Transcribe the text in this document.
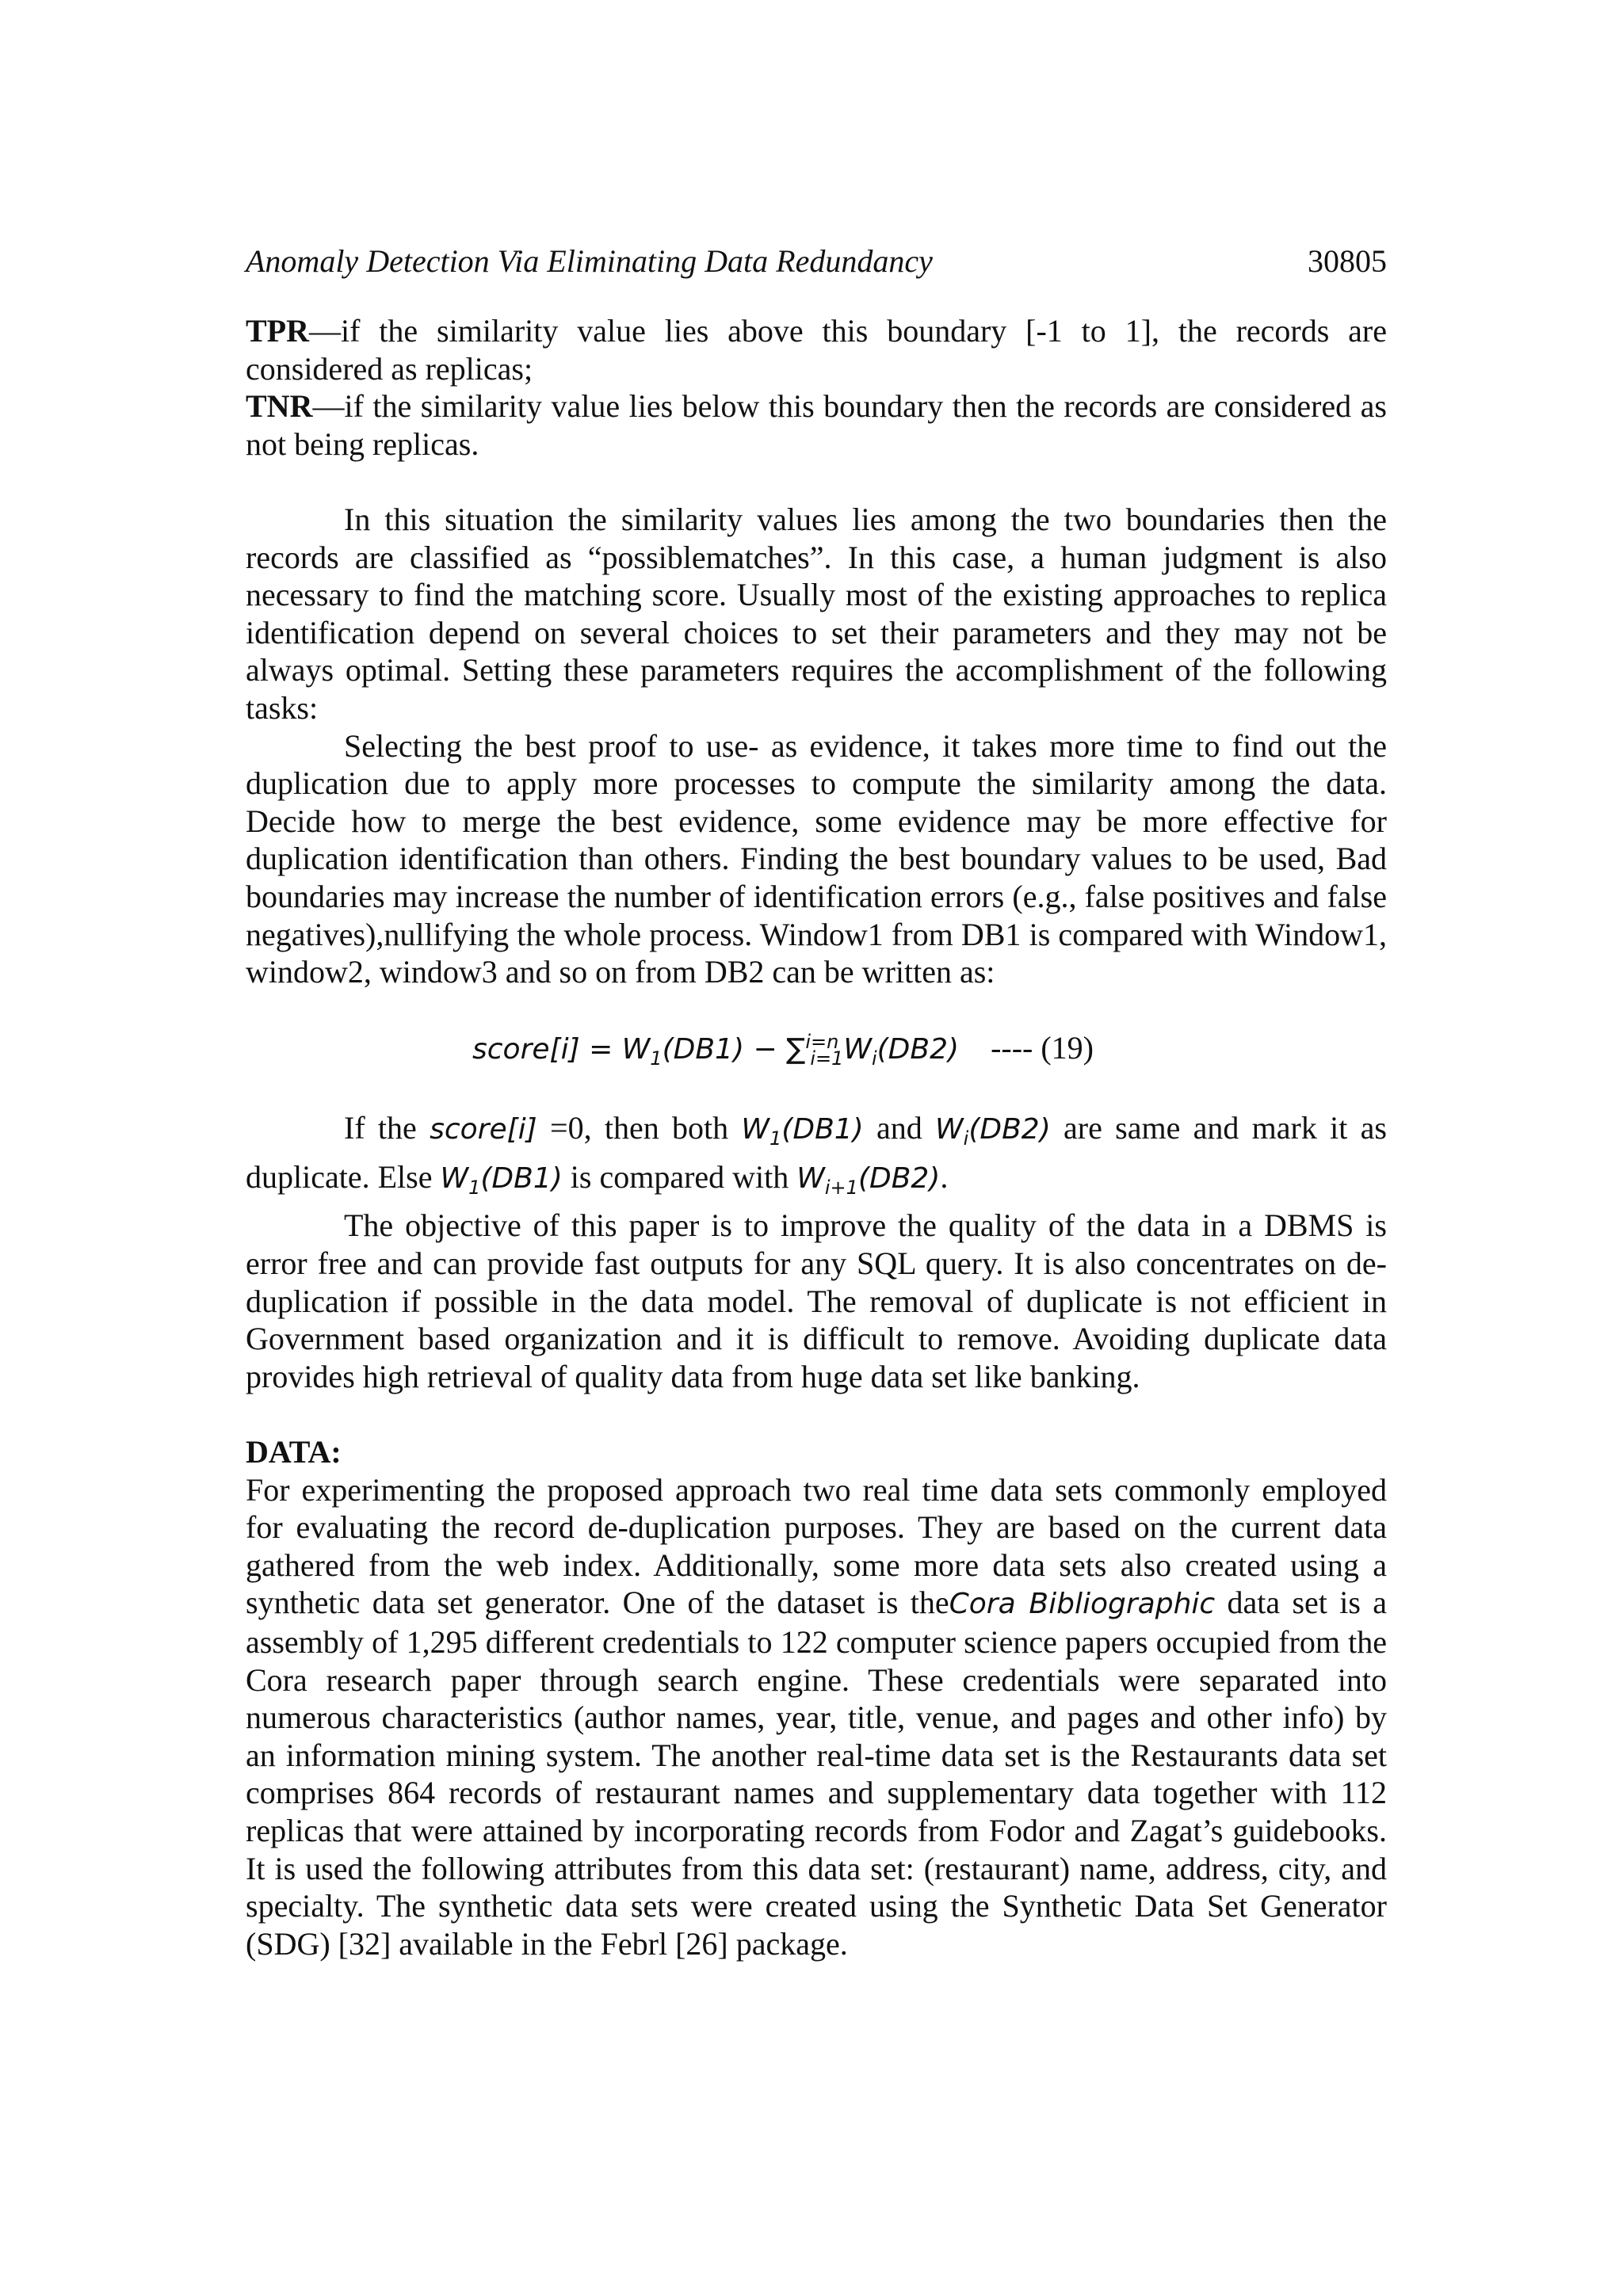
Anomaly Detection Via Eliminating Data Redundancy	30805

TPR—if the similarity value lies above this boundary [-1 to 1], the records are considered as replicas;

TNR—if the similarity value lies below this boundary then the records are considered as not being replicas.

In this situation the similarity values lies among the two boundaries then the records are classified as “possiblematches”. In this case, a human judgment is also necessary to find the matching score. Usually most of the existing approaches to replica identification depend on several choices to set their parameters and they may not be always optimal. Setting these parameters requires the accomplishment of the following tasks:

Selecting the best proof to use- as evidence, it takes more time to find out the duplication due to apply more processes to compute the similarity among the data. Decide how to merge the best evidence, some evidence may be more effective for duplication identification than others. Finding the best boundary values to be used, Bad boundaries may increase the number of identification errors (e.g., false positives and false negatives),nullifying the whole process. Window1 from DB1 is compared with Window1, window2, window3 and so on from DB2 can be written as:

score[i] = $W_1(DB1) - \sum^{i=n}_{i=1}W_i(DB2)$ ---- (19)

If the score[i] =0, then both $W_1(DB1)$ and $W_i(DB2)$ are same and mark it as duplicate. Else $W_1(DB1)$ is compared with $W_{i+1}(DB2)$.

The objective of this paper is to improve the quality of the data in a DBMS is error free and can provide fast outputs for any SQL query. It is also concentrates on de-duplication if possible in the data model. The removal of duplicate is not efficient in Government based organization and it is difficult to remove. Avoiding duplicate data provides high retrieval of quality data from huge data set like banking.

DATA:

For experimenting the proposed approach two real time data sets commonly employed for evaluating the record de-duplication purposes. They are based on the current data gathered from the web index. Additionally, some more data sets also created using a synthetic data set generator. One of the dataset is theCora Bibliographic data set is a assembly of 1,295 different credentials to 122 computer science papers occupied from the Cora research paper through search engine. These credentials were separated into numerous characteristics (author names, year, title, venue, and pages and other info) by an information mining system. The another real-time data set is the Restaurants data set comprises 864 records of restaurant names and supplementary data together with 112 replicas that were attained by incorporating records from Fodor and Zagat’s guidebooks. It is used the following attributes from this data set: (restaurant) name, address, city, and specialty. The synthetic data sets were created using the Synthetic Data Set Generator (SDG) [32] available in the Febrl [26] package.
